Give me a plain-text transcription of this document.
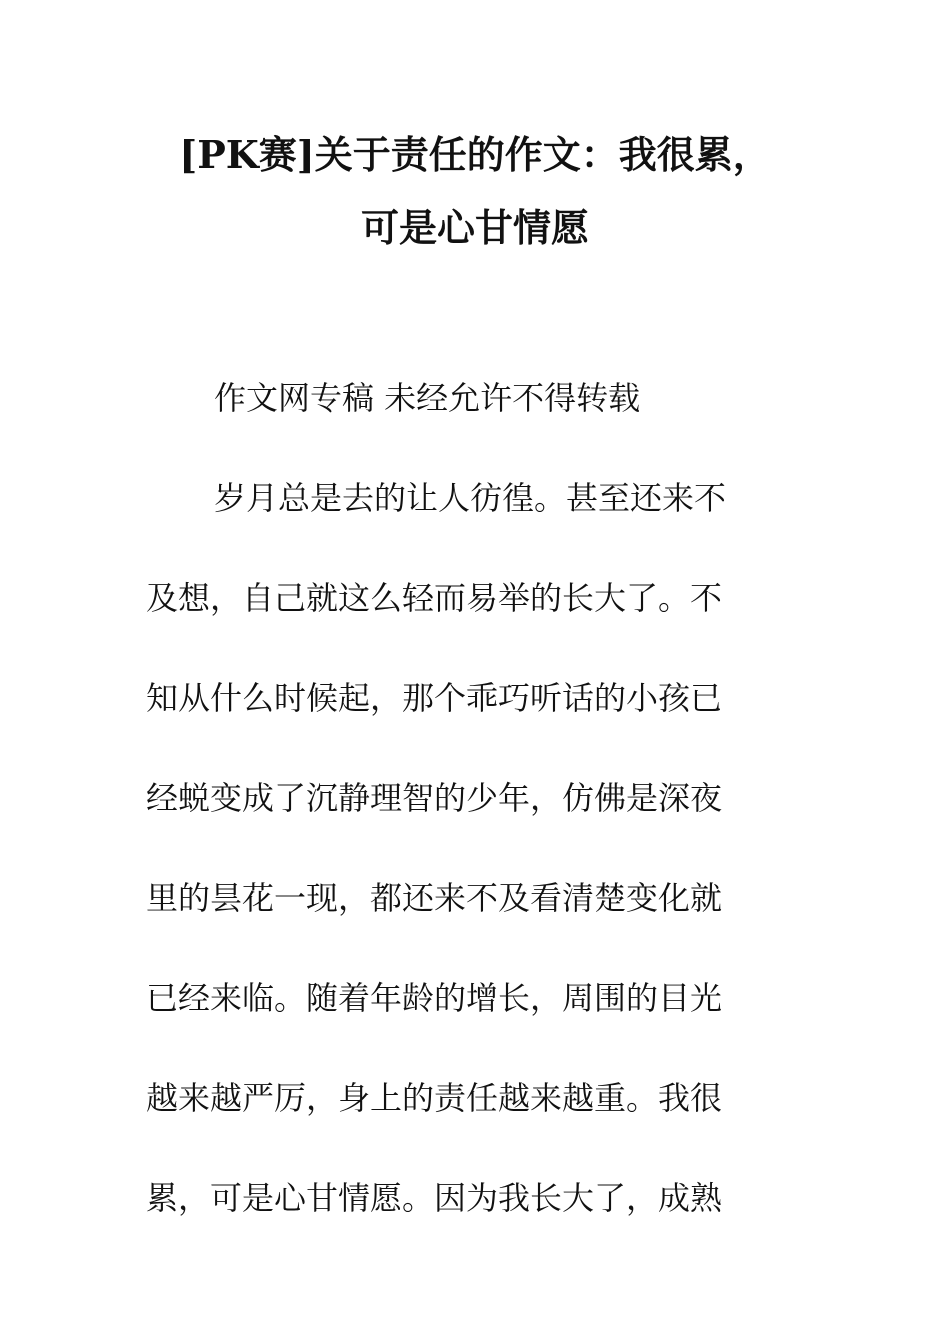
[PK赛]关于责任的作文：我很累，
可是心甘情愿

作文网专稿 未经允许不得转载

岁月总是去的让人彷徨。甚至还来不

及想，自己就这么轻而易举的长大了。不

知从什么时候起，那个乖巧听话的小孩已

经蜕变成了沉静理智的少年，仿佛是深夜

里的昙花一现，都还来不及看清楚变化就

已经来临。随着年龄的增长，周围的目光

越来越严厉，身上的责任越来越重。我很

累，可是心甘情愿。因为我长大了，成熟
